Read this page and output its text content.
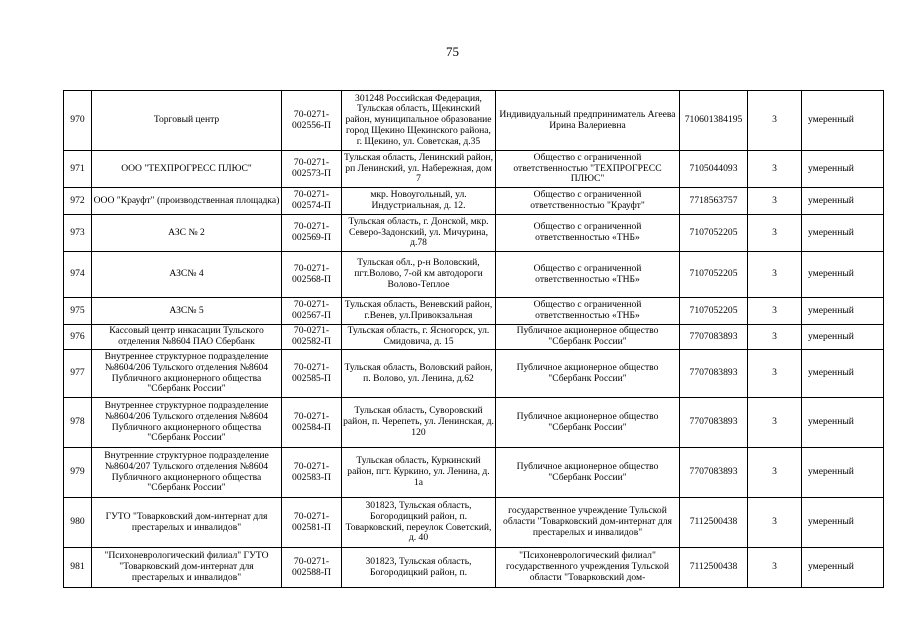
75
970	Торговый центр	70-0271-002556-П	301248 Российская Федерация, Тульская область, Щекинский район, муниципальное образование город Щекино Щекинского района, г. Щекино, ул. Советская, д.35	Индивидуальный предприниматель Агеева Ирина Валериевна	710601384195	3	умеренный
971	ООО "ТЕХПРОГРЕСС ПЛЮС"	70-0271-002573-П	Тульская область, Ленинский район, рп Ленинский, ул. Набережная, дом 7	Общество с ограниченной ответственностью "ТЕХПРОГРЕСС ПЛЮС"	7105044093	3	умеренный
972	ООО "Крауфт" (производственная площадка)	70-0271-002574-П	мкр. Новоугольный, ул. Индустриальная, д. 12.	Общество с ограниченной ответственностью "Крауфт"	7718563757	3	умеренный
973	АЗС № 2	70-0271-002569-П	Тульская область, г. Донской, мкр. Северо-Задонский, ул. Мичурина, д.78	Общество с ограниченной ответственностью «ТНБ»	7107052205	3	умеренный
974	АЗС№ 4	70-0271-002568-П	Тульская обл., р-н Воловский, пгт.Волово, 7-ой км автодороги Волово-Теплое	Общество с ограниченной ответственностью «ТНБ»	7107052205	3	умеренный
975	АЗС№ 5	70-0271-002567-П	Тульская область, Веневский район, г.Венев, ул.Привокзальная	Общество с ограниченной ответственностью «ТНБ»	7107052205	3	умеренный
976	Кассовый центр инкасации Тульского отделения №8604 ПАО Сбербанк	70-0271-002582-П	Тульская область, г. Ясногорск, ул. Смидовича, д. 15	Публичное акционерное общество "Сбербанк России"	7707083893	3	умеренный
977	Внутреннее структурное подразделение №8604/206 Тульского отделения №8604 Публичного акционерного общества "Сбербанк России"	70-0271-002585-П	Тульская область, Воловский район, п. Волово, ул. Ленина, д.62	Публичное акционерное общество "Сбербанк России"	7707083893	3	умеренный
978	Внутреннее структурное подразделение №8604/206 Тульского отделения №8604 Публичного акционерного общества "Сбербанк России"	70-0271-002584-П	Тульская область, Суворовский район, п. Черепеть, ул. Ленинская, д. 120	Публичное акционерное общество "Сбербанк России"	7707083893	3	умеренный
979	Внутренние структурное подразделение №8604/207 Тульского отделения №8604 Публичного акционерного общества "Сбербанк России"	70-0271-002583-П	Тульская область, Куркинский район, пгт. Куркино, ул. Ленина, д. 1а	Публичное акционерное общество "Сбербанк России"	7707083893	3	умеренный
980	ГУТО "Товарковский дом-интернат для престарелых и инвалидов"	70-0271-002581-П	301823, Тульская область, Богородицкий район, п. Товарковский, переулок Советский, д. 40	государственное учреждение Тульской области "Товарковский дом-интернат для престарелых и инвалидов"	7112500438	3	умеренный
981	"Психоневрологический филиал" ГУТО "Товарковский дом-интернат для престарелых и инвалидов"	70-0271-002588-П	301823, Тульская область, Богородицкий район, п.	"Психоневрологический филиал" государственного учреждения Тульской области "Товарковский дом-	7112500438	3	умеренный
